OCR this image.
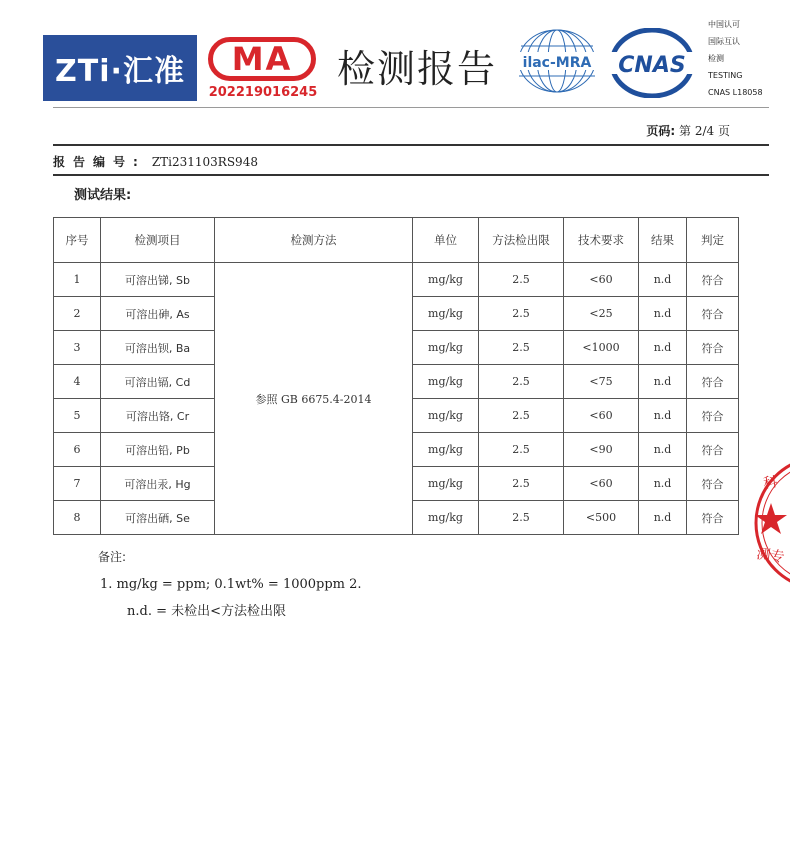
ZTi·汇准	MA
202219016245
检测报告 ilac-MRA CNAS
中国认可
国际互认
检测
TESTING
CNAS L18058
页码: 第 2/4 页
报告编号: ZTi231103RS948
测试结果:
序号	检测项目	检测方法	单位	方法检出限	技术要求	结果	判定
1	可溶出锑, Sb	参照 GB 6675.4-2014	mg/kg	2.5	<60	n.d	符合
2	可溶出砷, As		mg/kg	2.5	<25	n.d	符合
3	可溶出钡, Ba		mg/kg	2.5	<1000	n.d	符合
4	可溶出镉, Cd		mg/kg	2.5	<75	n.d	符合
5	可溶出铬, Cr		mg/kg	2.5	<60	n.d	符合
6	可溶出铅, Pb		mg/kg	2.5	<90	n.d	符合
7	可溶出汞, Hg		mg/kg	2.5	<60	n.d	符合
8	可溶出硒, Se		mg/kg	2.5	<500	n.d	符合
备注:
1. mg/kg = ppm; 0.1wt% = 1000ppm 2.
n.d. = 未检出<方法检出限
科
测专
